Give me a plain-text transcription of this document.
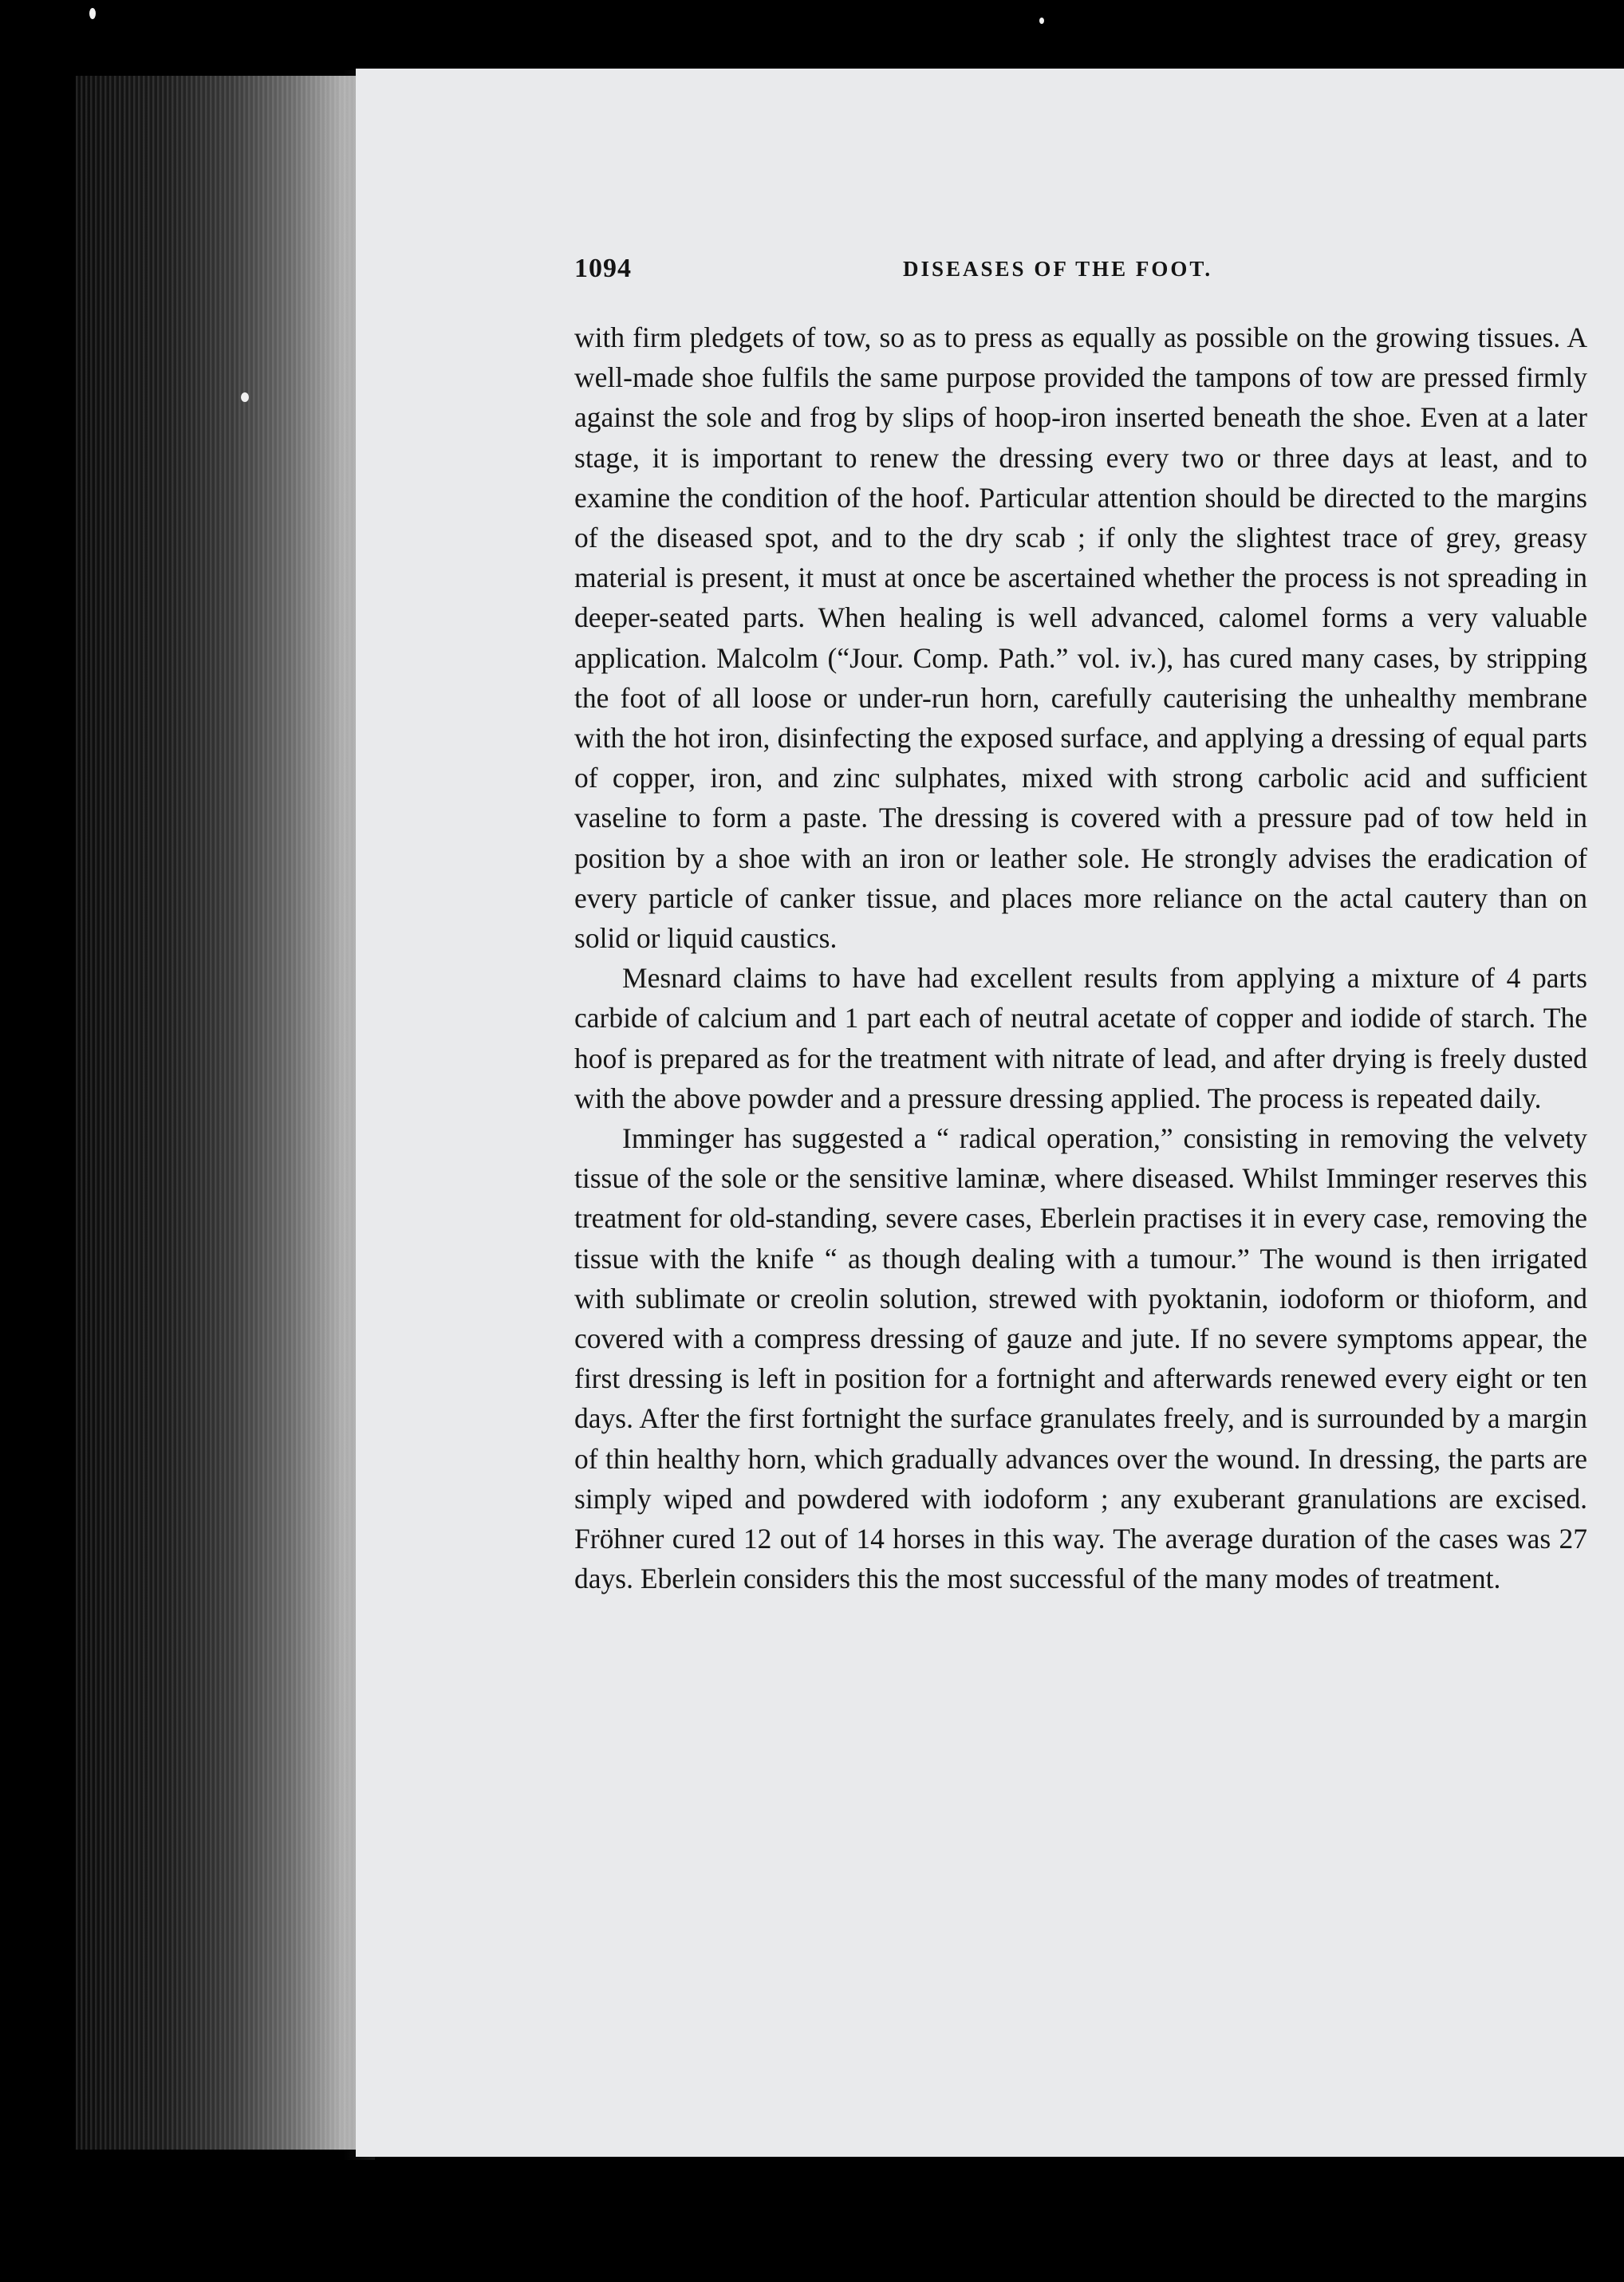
1094	DISEASES OF THE FOOT.

with firm pledgets of tow, so as to press as equally as possible on the growing tissues. A well-made shoe fulfils the same purpose provided the tampons of tow are pressed firmly against the sole and frog by slips of hoop-iron inserted beneath the shoe. Even at a later stage, it is important to renew the dressing every two or three days at least, and to examine the condition of the hoof. Particular attention should be directed to the margins of the diseased spot, and to the dry scab ; if only the slightest trace of grey, greasy material is present, it must at once be ascertained whether the process is not spreading in deeper-seated parts. When healing is well advanced, calomel forms a very valuable application. Malcolm (“Jour. Comp. Path.” vol. iv.), has cured many cases, by stripping the foot of all loose or under-run horn, carefully cauterising the unhealthy membrane with the hot iron, disinfecting the exposed surface, and applying a dressing of equal parts of copper, iron, and zinc sulphates, mixed with strong carbolic acid and sufficient vaseline to form a paste. The dressing is covered with a pressure pad of tow held in position by a shoe with an iron or leather sole. He strongly advises the eradication of every particle of canker tissue, and places more reliance on the actal cautery than on solid or liquid caustics.

Mesnard claims to have had excellent results from applying a mixture of 4 parts carbide of calcium and 1 part each of neutral acetate of copper and iodide of starch. The hoof is prepared as for the treatment with nitrate of lead, and after drying is freely dusted with the above powder and a pressure dressing applied. The process is repeated daily.

Imminger has suggested a “ radical operation,” consisting in removing the velvety tissue of the sole or the sensitive laminæ, where diseased. Whilst Imminger reserves this treatment for old-standing, severe cases, Eberlein practises it in every case, removing the tissue with the knife “ as though dealing with a tumour.” The wound is then irrigated with sublimate or creolin solution, strewed with pyoktanin, iodoform or thioform, and covered with a compress dressing of gauze and jute. If no severe symptoms appear, the first dressing is left in position for a fortnight and afterwards renewed every eight or ten days. After the first fortnight the surface granulates freely, and is surrounded by a margin of thin healthy horn, which gradually advances over the wound. In dressing, the parts are simply wiped and powdered with iodoform ; any exuberant granulations are excised. Fröhner cured 12 out of 14 horses in this way. The average duration of the cases was 27 days. Eberlein considers this the most successful of the many modes of treatment.
